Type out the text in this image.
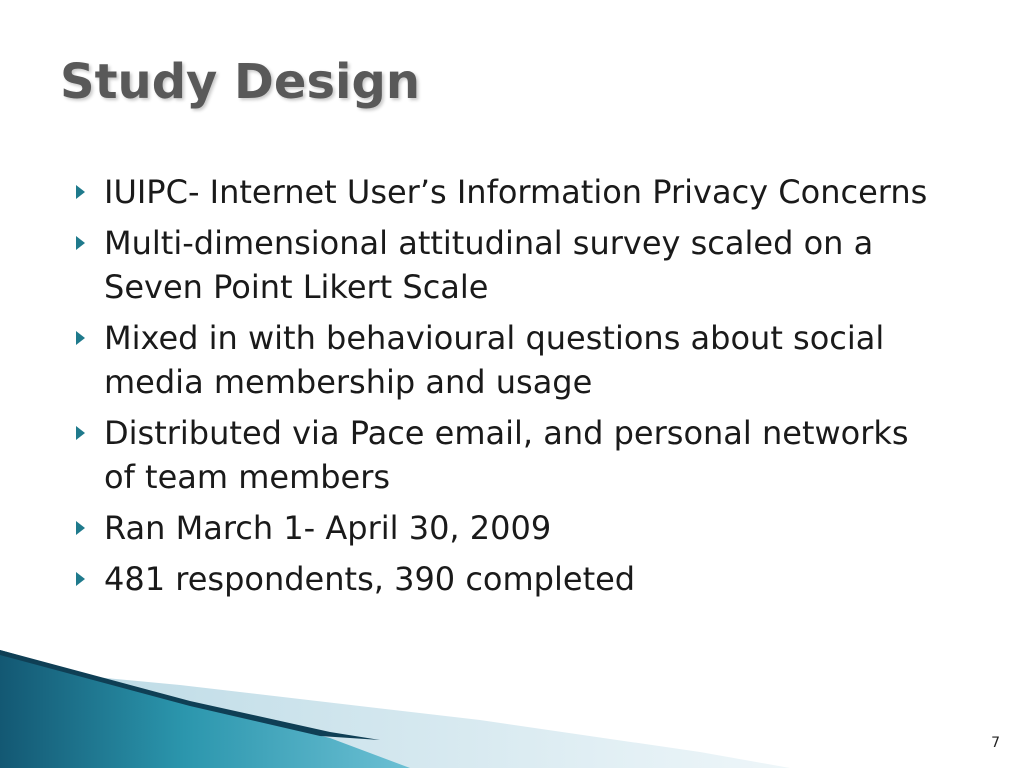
Study Design
IUIPC- Internet User’s Information Privacy Concerns
Multi-dimensional attitudinal survey scaled on a Seven Point Likert Scale
Mixed in with behavioural questions about social media membership and usage
Distributed via Pace email, and personal networks of team members
Ran March 1- April 30, 2009
481 respondents, 390 completed
7
